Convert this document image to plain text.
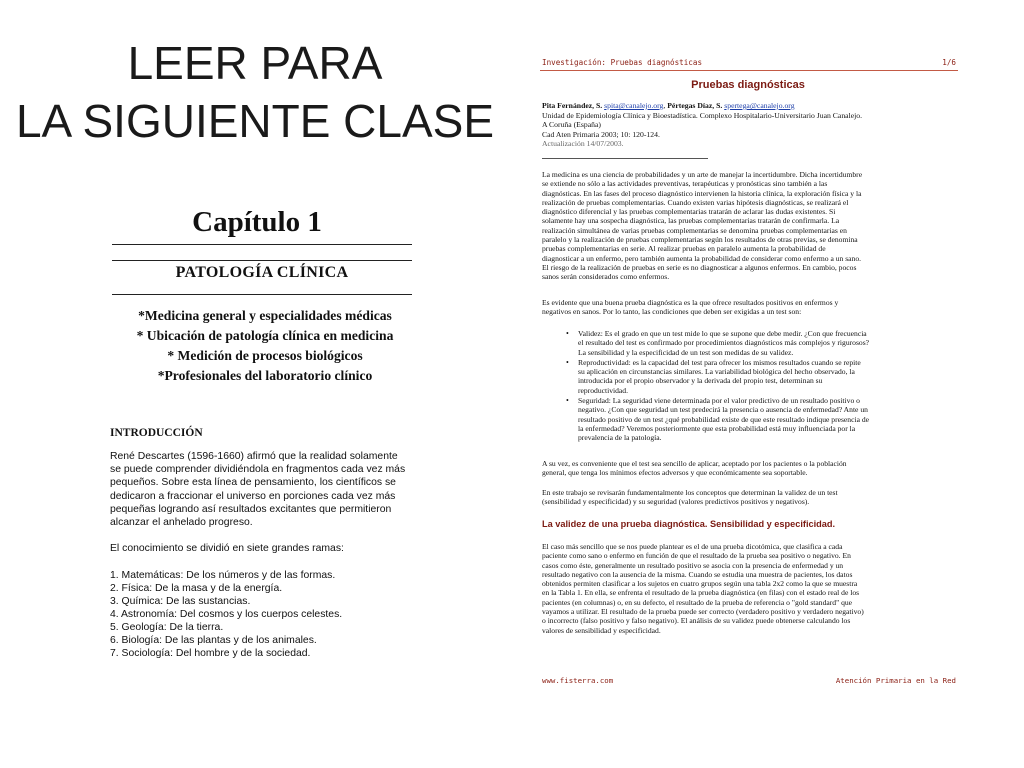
LEER PARA
LA SIGUIENTE CLASE
Capítulo 1
PATOLOGÍA CLÍNICA
*Medicina general y especialidades médicas
* Ubicación de patología clínica en medicina
* Medición de procesos biológicos
*Profesionales del laboratorio clínico
INTRODUCCIÓN
René Descartes (1596-1660) afirmó que la realidad solamente
se puede comprender dividiéndola en fragmentos cada vez más
pequeños. Sobre esta línea de pensamiento, los científicos se
dedicaron a fraccionar el universo en porciones cada vez más
pequeñas logrando así resultados excitantes que permitieron
alcanzar el anhelado progreso.
El conocimiento se dividió en siete grandes ramas:
1. Matemáticas: De los números y de las formas.
2. Física: De la masa y de la energía.
3. Química: De las sustancias.
4. Astronomía: Del cosmos y los cuerpos celestes.
5. Geología: De la tierra.
6. Biología: De las plantas y de los animales.
7. Sociología: Del hombre y de la sociedad.
Investigación: Pruebas diagnósticas	1/6
Pruebas diagnósticas
Pita Fernández, S. spita@canalejo.org, Pértegas Díaz, S. spertega@canalejo.org
Unidad de Epidemiología Clínica y Bioestadística. Complexo Hospitalario-Universitario Juan Canalejo.
A Coruña (España)
Cad Aten Primaria 2003; 10: 120-124.
Actualización 14/07/2003.
La medicina es una ciencia de probabilidades y un arte de manejar la incertidumbre. Dicha incertidumbre
se extiende no sólo a las actividades preventivas, terapéuticas y pronósticas sino también a las
diagnósticas. En las fases del proceso diagnóstico intervienen la historia clínica, la exploración física y la
realización de pruebas complementarias. Cuando existen varias hipótesis diagnósticas, se realizará el
diagnóstico diferencial y las pruebas complementarias tratarán de aclarar las dudas existentes. Si
solamente hay una sospecha diagnóstica, las pruebas complementarias tratarán de confirmarla. La
realización simultánea de varias pruebas complementarias se denomina pruebas complementarias en
paralelo y la realización de pruebas complementarias según los resultados de otras previas, se denomina
pruebas complementarias en serie. Al realizar pruebas en paralelo aumenta la probabilidad de
diagnosticar a un enfermo, pero también aumenta la probabilidad de considerar como enfermo a un sano.
El riesgo de la realización de pruebas en serie es no diagnosticar a algunos enfermos. En cambio, pocos
sanos serán considerados como enfermos.
Es evidente que una buena prueba diagnóstica es la que ofrece resultados positivos en enfermos y
negativos en sanos. Por lo tanto, las condiciones que deben ser exigidas a un test son:
• Validez: Es el grado en que un test mide lo que se supone que debe medir. ¿Con que frecuencia
el resultado del test es confirmado por procedimientos diagnósticos más complejos y rigurosos?
La sensibilidad y la especificidad de un test son medidas de su validez.
• Reproductividad: es la capacidad del test para ofrecer los mismos resultados cuando se repite
su aplicación en circunstancias similares. La variabilidad biológica del hecho observado, la
introducida por el propio observador y la derivada del propio test, determinan su
reproductividad.
• Seguridad: La seguridad viene determinada por el valor predictivo de un resultado positivo o
negativo. ¿Con que seguridad un test predecirá la presencia o ausencia de enfermedad? Ante un
resultado positivo de un test ¿qué probabilidad existe de que este resultado indique presencia de
la enfermedad? Veremos posteriormente que esta probabilidad está muy influenciada por la
prevalencia de la patología.
A su vez, es conveniente que el test sea sencillo de aplicar, aceptado por los pacientes o la población
general, que tenga los mínimos efectos adversos y que económicamente sea soportable.
En este trabajo se revisarán fundamentalmente los conceptos que determinan la validez de un test
(sensibilidad y especificidad) y su seguridad (valores predictivos positivos y negativos).
La validez de una prueba diagnóstica. Sensibilidad y especificidad.
El caso más sencillo que se nos puede plantear es el de una prueba dicotómica, que clasifica a cada
paciente como sano o enfermo en función de que el resultado de la prueba sea positivo o negativo. En
casos como éste, generalmente un resultado positivo se asocia con la presencia de enfermedad y un
resultado negativo con la ausencia de la misma. Cuando se estudia una muestra de pacientes, los datos
obtenidos permiten clasificar a los sujetos en cuatro grupos según una tabla 2x2 como la que se muestra
en la Tabla 1. En ella, se enfrenta el resultado de la prueba diagnóstica (en filas) con el estado real de los
pacientes (en columnas) o, en su defecto, el resultado de la prueba de referencia o "gold standard" que
vayamos a utilizar. El resultado de la prueba puede ser correcto (verdadero positivo y verdadero negativo)
o incorrecto (falso positivo y falso negativo). El análisis de su validez puede obtenerse calculando los
valores de sensibilidad y especificidad.
www.fisterra.com	Atención Primaria en la Red
